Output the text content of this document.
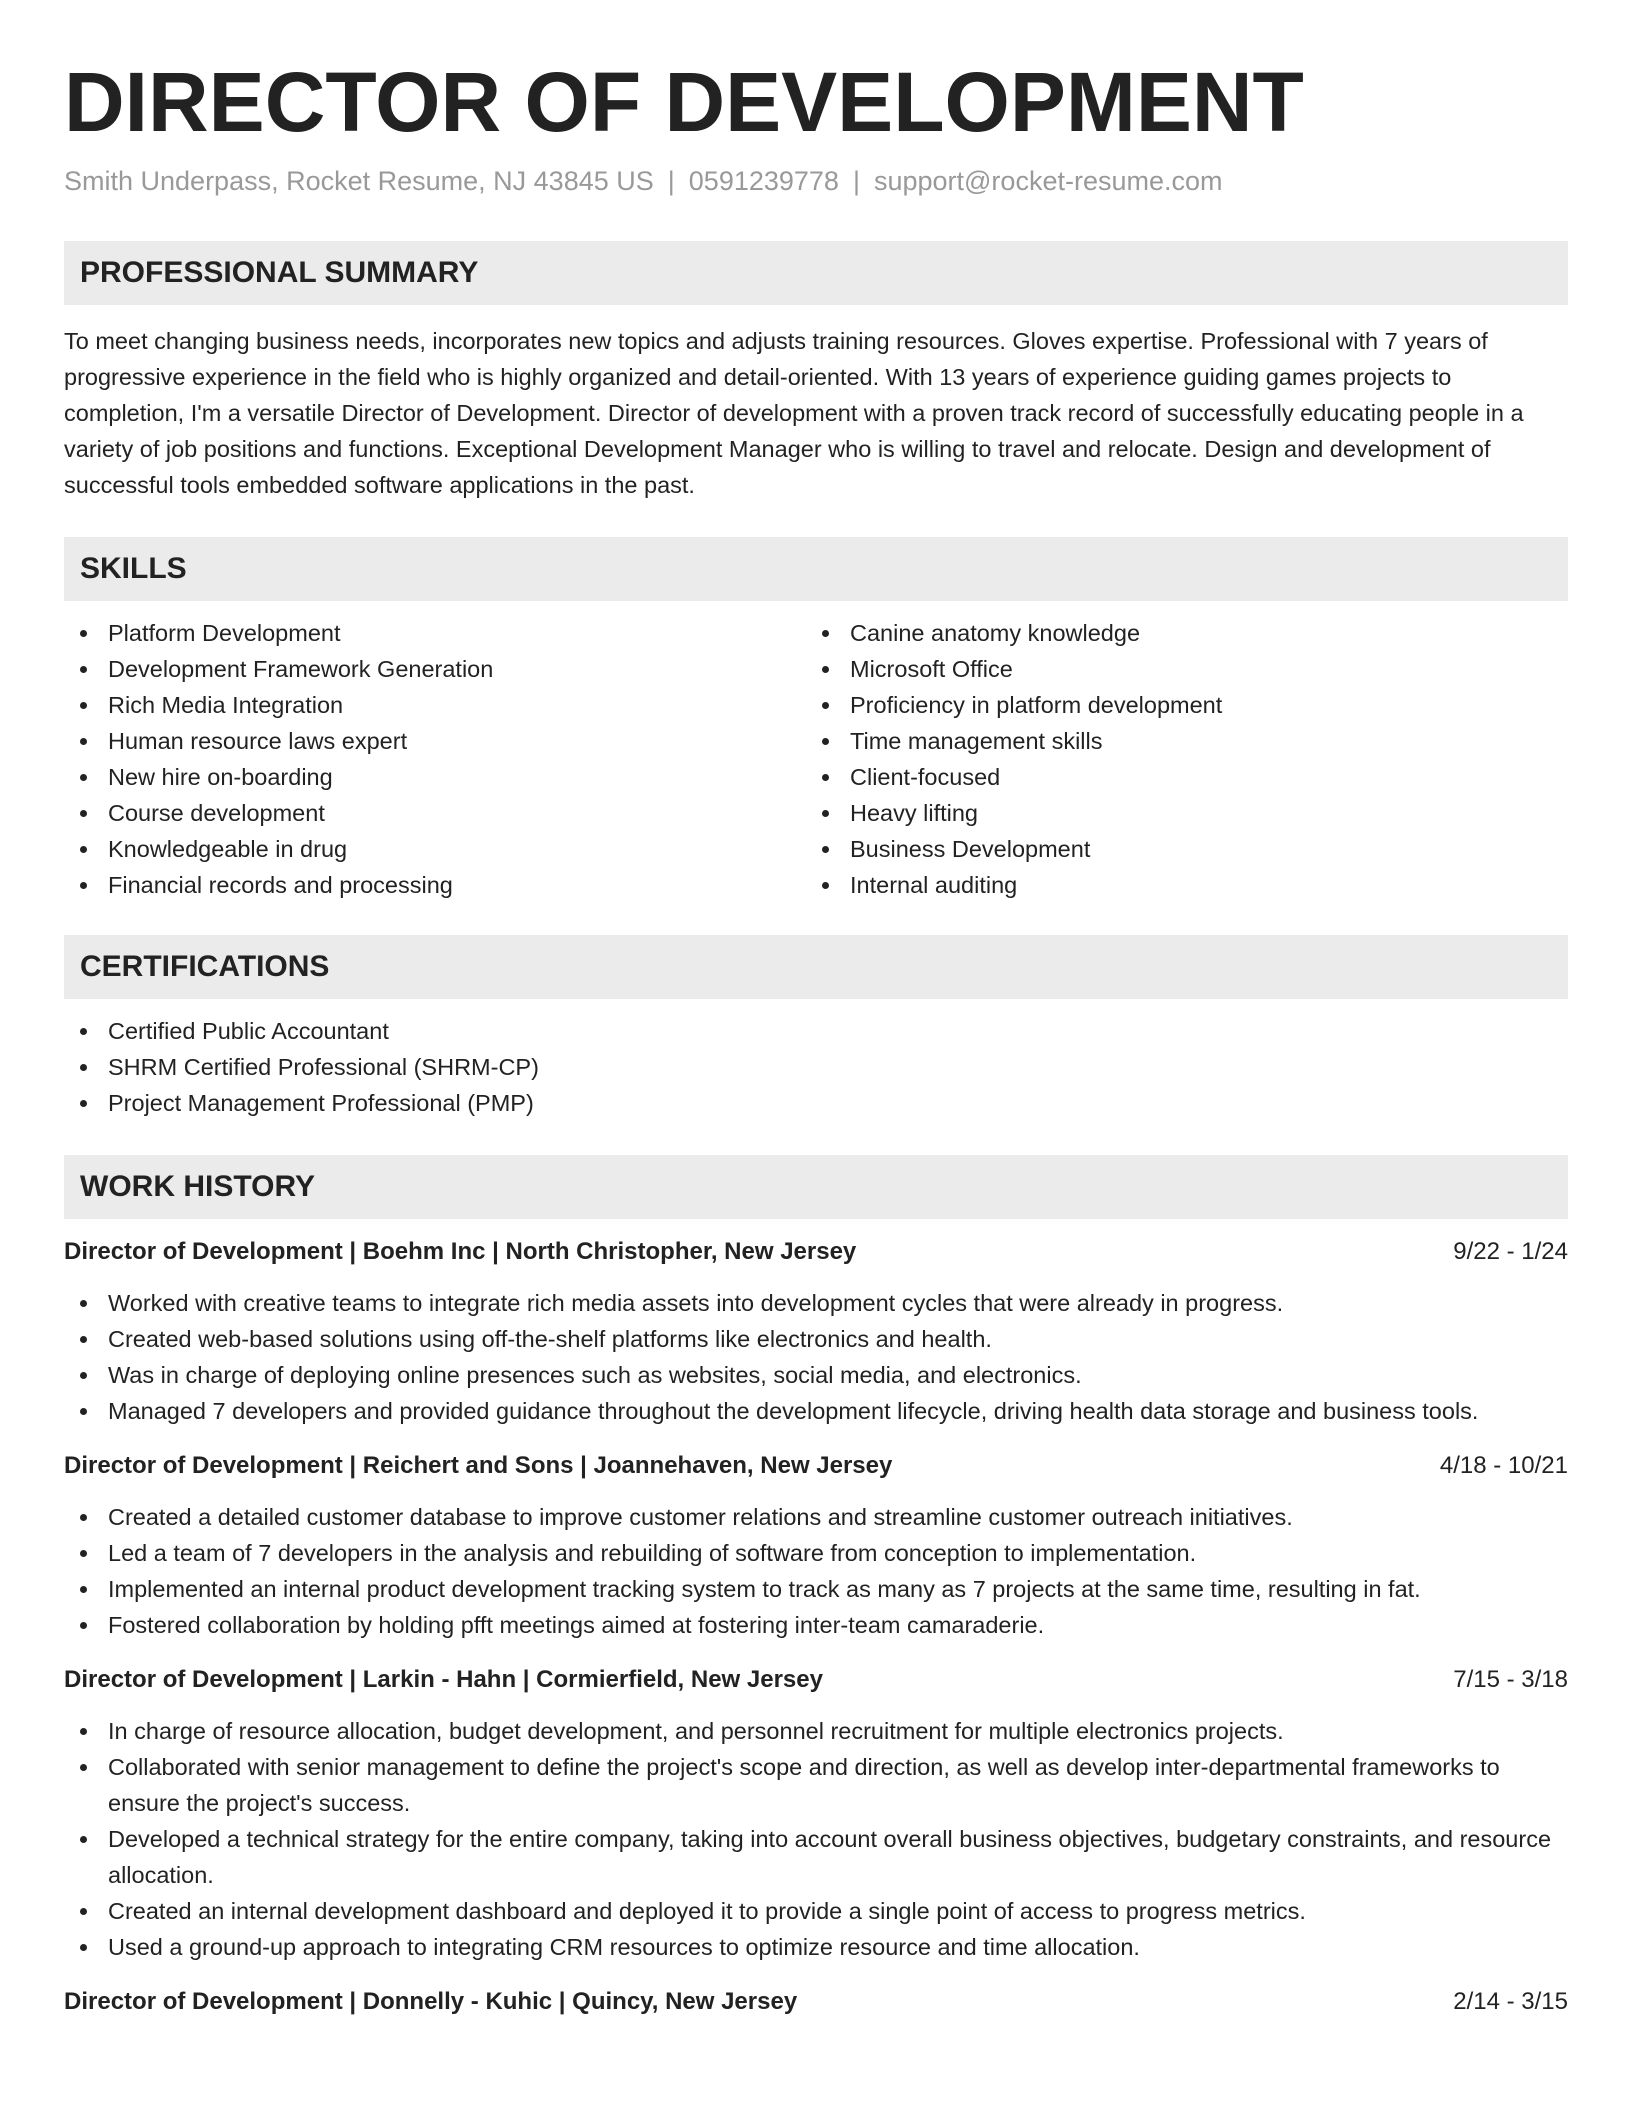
DIRECTOR OF DEVELOPMENT
Smith Underpass, Rocket Resume, NJ 43845 US | 0591239778 | support@rocket-resume.com
PROFESSIONAL SUMMARY

To meet changing business needs, incorporates new topics and adjusts training resources. Gloves expertise. Professional with 7 years of progressive experience in the field who is highly organized and detail-oriented. With 13 years of experience guiding games projects to completion, I'm a versatile Director of Development. Director of development with a proven track record of successfully educating people in a variety of job positions and functions. Exceptional Development Manager who is willing to travel and relocate. Design and development of successful tools embedded software applications in the past.

SKILLS
Platform Development
Development Framework Generation
Rich Media Integration
Human resource laws expert
New hire on-boarding
Course development
Knowledgeable in drug
Financial records and processing
Canine anatomy knowledge
Microsoft Office
Proficiency in platform development
Time management skills
Client-focused
Heavy lifting
Business Development
Internal auditing
CERTIFICATIONS
Certified Public Accountant
SHRM Certified Professional (SHRM-CP)
Project Management Professional (PMP)
WORK HISTORY
Director of Development | Boehm Inc | North Christopher, New Jersey	9/22 - 1/24
Worked with creative teams to integrate rich media assets into development cycles that were already in progress.
Created web-based solutions using off-the-shelf platforms like electronics and health.
Was in charge of deploying online presences such as websites, social media, and electronics.
Managed 7 developers and provided guidance throughout the development lifecycle, driving health data storage and business tools.
Director of Development | Reichert and Sons | Joannehaven, New Jersey	4/18 - 10/21
Created a detailed customer database to improve customer relations and streamline customer outreach initiatives.
Led a team of 7 developers in the analysis and rebuilding of software from conception to implementation.
Implemented an internal product development tracking system to track as many as 7 projects at the same time, resulting in fat.
Fostered collaboration by holding pfft meetings aimed at fostering inter-team camaraderie.
Director of Development | Larkin - Hahn | Cormierfield, New Jersey	7/15 - 3/18
In charge of resource allocation, budget development, and personnel recruitment for multiple electronics projects.
Collaborated with senior management to define the project's scope and direction, as well as develop inter-departmental frameworks to ensure the project's success.
Developed a technical strategy for the entire company, taking into account overall business objectives, budgetary constraints, and resource allocation.
Created an internal development dashboard and deployed it to provide a single point of access to progress metrics.
Used a ground-up approach to integrating CRM resources to optimize resource and time allocation.
Director of Development | Donnelly - Kuhic | Quincy, New Jersey	2/14 - 3/15
